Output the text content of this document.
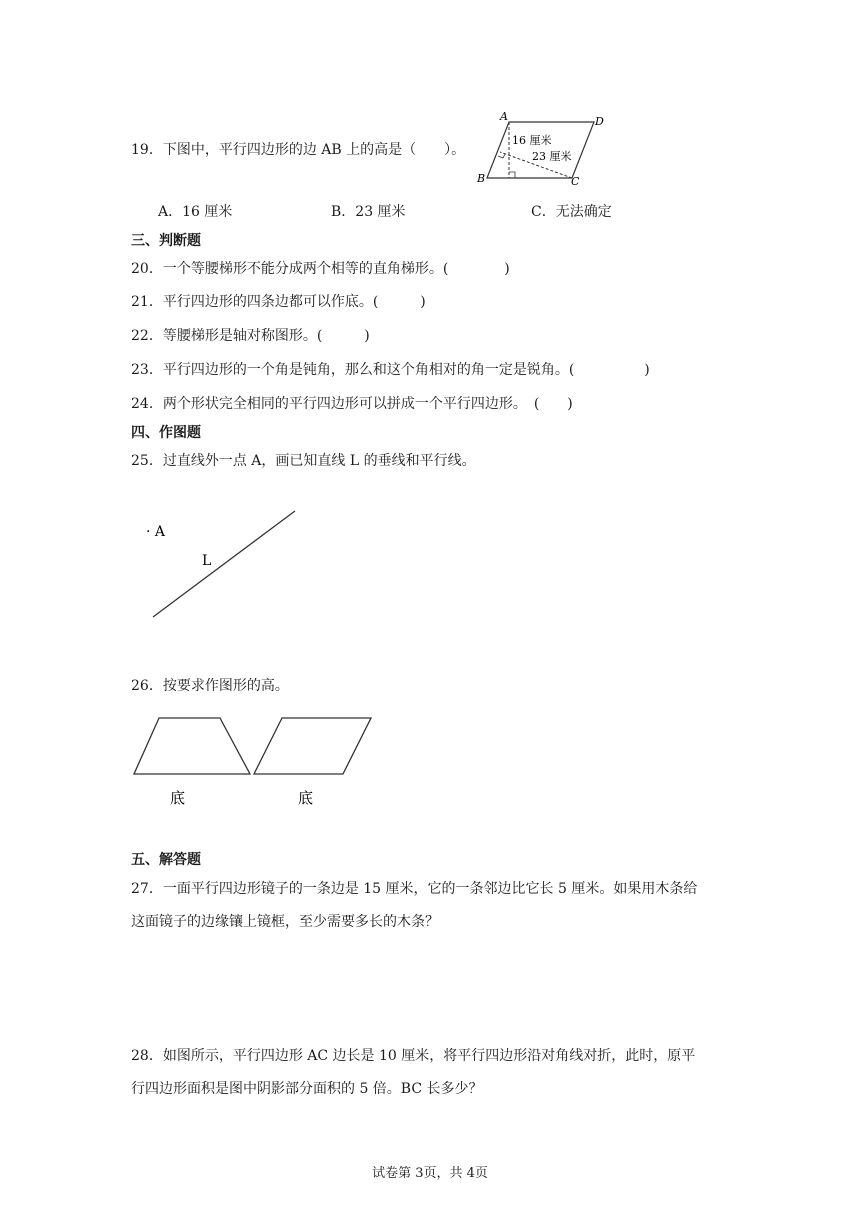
19．下图中，平行四边形的边 AB 上的高是（　　）。
A	D
B	C
16 厘米
23 厘米
A．16 厘米	B．23 厘米	C．无法确定
三、判断题
20．一个等腰梯形不能分成两个相等的直角梯形。(　　　　)
21．平行四边形的四条边都可以作底。(　　　)
22．等腰梯形是轴对称图形。(　　　)
23．平行四边形的一个角是钝角，那么和这个角相对的角一定是锐角。(　　　　　)
24．两个形状完全相同的平行四边形可以拼成一个平行四边形。　(　　)
四、作图题
25．过直线外一点 A，画已知直线 L 的垂线和平行线。
· A
L
26．按要求作图形的高。
底	底
五、解答题
27．一面平行四边形镜子的一条边是 15 厘米，它的一条邻边比它长 5 厘米。如果用木条给
这面镜子的边缘镶上镜框，至少需要多长的木条？
28．如图所示，平行四边形 AC 边长是 10 厘米，将平行四边形沿对角线对折，此时，原平
行四边形面积是图中阴影部分面积的 5 倍。BC 长多少？
试卷第 3页，共 4页
